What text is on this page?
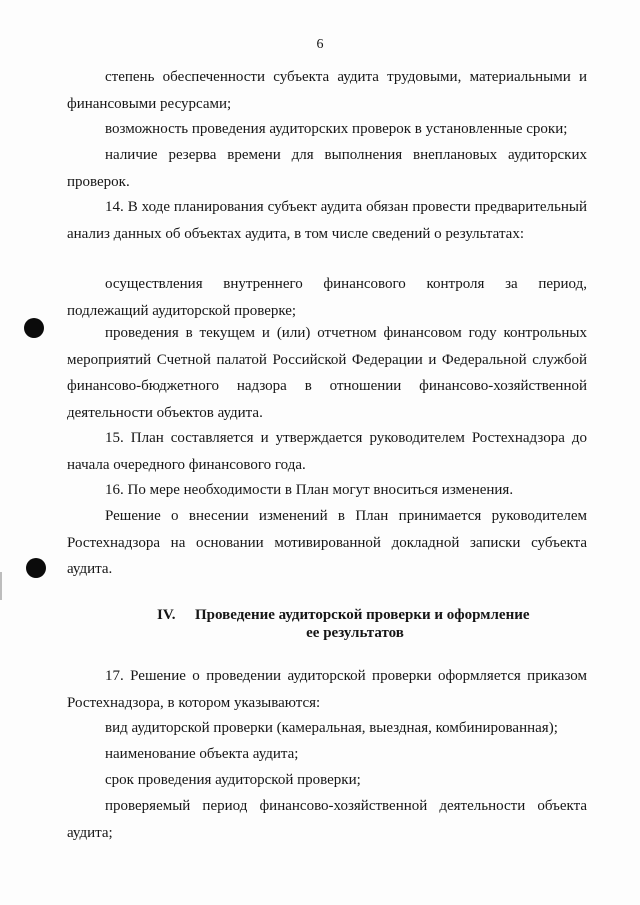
6
степень обеспеченности субъекта аудита трудовыми, материальными и финансовыми ресурсами;
возможность проведения аудиторских проверок в установленные сроки;
наличие резерва времени для выполнения внеплановых аудиторских проверок.
14. В ходе планирования субъект аудита обязан провести предварительный анализ данных об объектах аудита, в том числе сведений о результатах:
осуществления внутреннего финансового контроля за период, подлежащий аудиторской проверке;
проведения в текущем и (или) отчетном финансовом году контрольных мероприятий Счетной палатой Российской Федерации и Федеральной службой финансово-бюджетного надзора в отношении финансово-хозяйственной деятельности объектов аудита.
15. План составляется и утверждается руководителем Ростехнадзора до начала очередного финансового года.
16. По мере необходимости в План могут вноситься изменения.
Решение о внесении изменений в План принимается руководителем Ростехнадзора на основании мотивированной докладной записки субъекта аудита.
IV. Проведение аудиторской проверки и оформление
ее результатов
17. Решение о проведении аудиторской проверки оформляется приказом Ростехнадзора, в котором указываются:
вид аудиторской проверки (камеральная, выездная, комбинированная);
наименование объекта аудита;
срок проведения аудиторской проверки;
проверяемый период финансово-хозяйственной деятельности объекта аудита;
